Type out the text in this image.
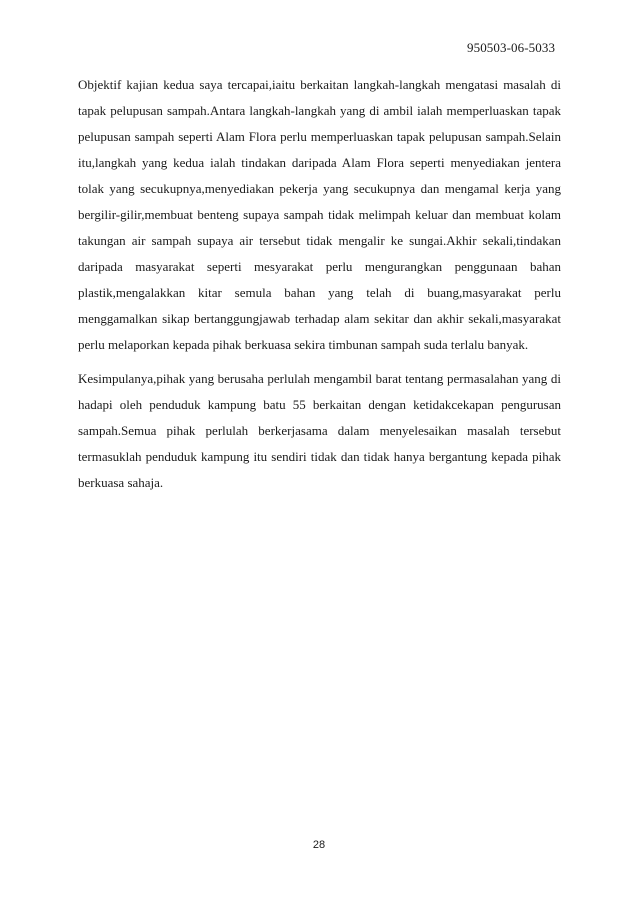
950503-06-5033

Objektif kajian kedua saya tercapai,iaitu berkaitan langkah-langkah mengatasi masalah di tapak pelupusan sampah.Antara langkah-langkah yang di ambil ialah memperluaskan tapak pelupusan sampah seperti Alam Flora perlu memperluaskan tapak pelupusan sampah.Selain itu,langkah yang kedua ialah tindakan daripada Alam Flora seperti menyediakan jentera tolak yang secukupnya,menyediakan pekerja yang secukupnya dan mengamal kerja yang bergilir-gilir,membuat benteng supaya sampah tidak melimpah keluar dan membuat kolam takungan air sampah supaya air tersebut tidak mengalir ke sungai.Akhir sekali,tindakan daripada masyarakat seperti mesyarakat perlu mengurangkan penggunaan bahan plastik,mengalakkan kitar semula bahan yang telah di buang,masyarakat perlu menggamalkan sikap bertanggungjawab terhadap alam sekitar dan akhir sekali,masyarakat perlu melaporkan kepada pihak berkuasa sekira timbunan sampah suda terlalu banyak.

Kesimpulanya,pihak yang berusaha perlulah mengambil barat tentang permasalahan yang di hadapi oleh penduduk kampung batu 55 berkaitan dengan ketidakcekapan pengurusan sampah.Semua pihak perlulah berkerjasama dalam menyelesaikan masalah tersebut termasuklah penduduk kampung itu sendiri tidak dan tidak hanya bergantung kepada pihak berkuasa sahaja.

28
